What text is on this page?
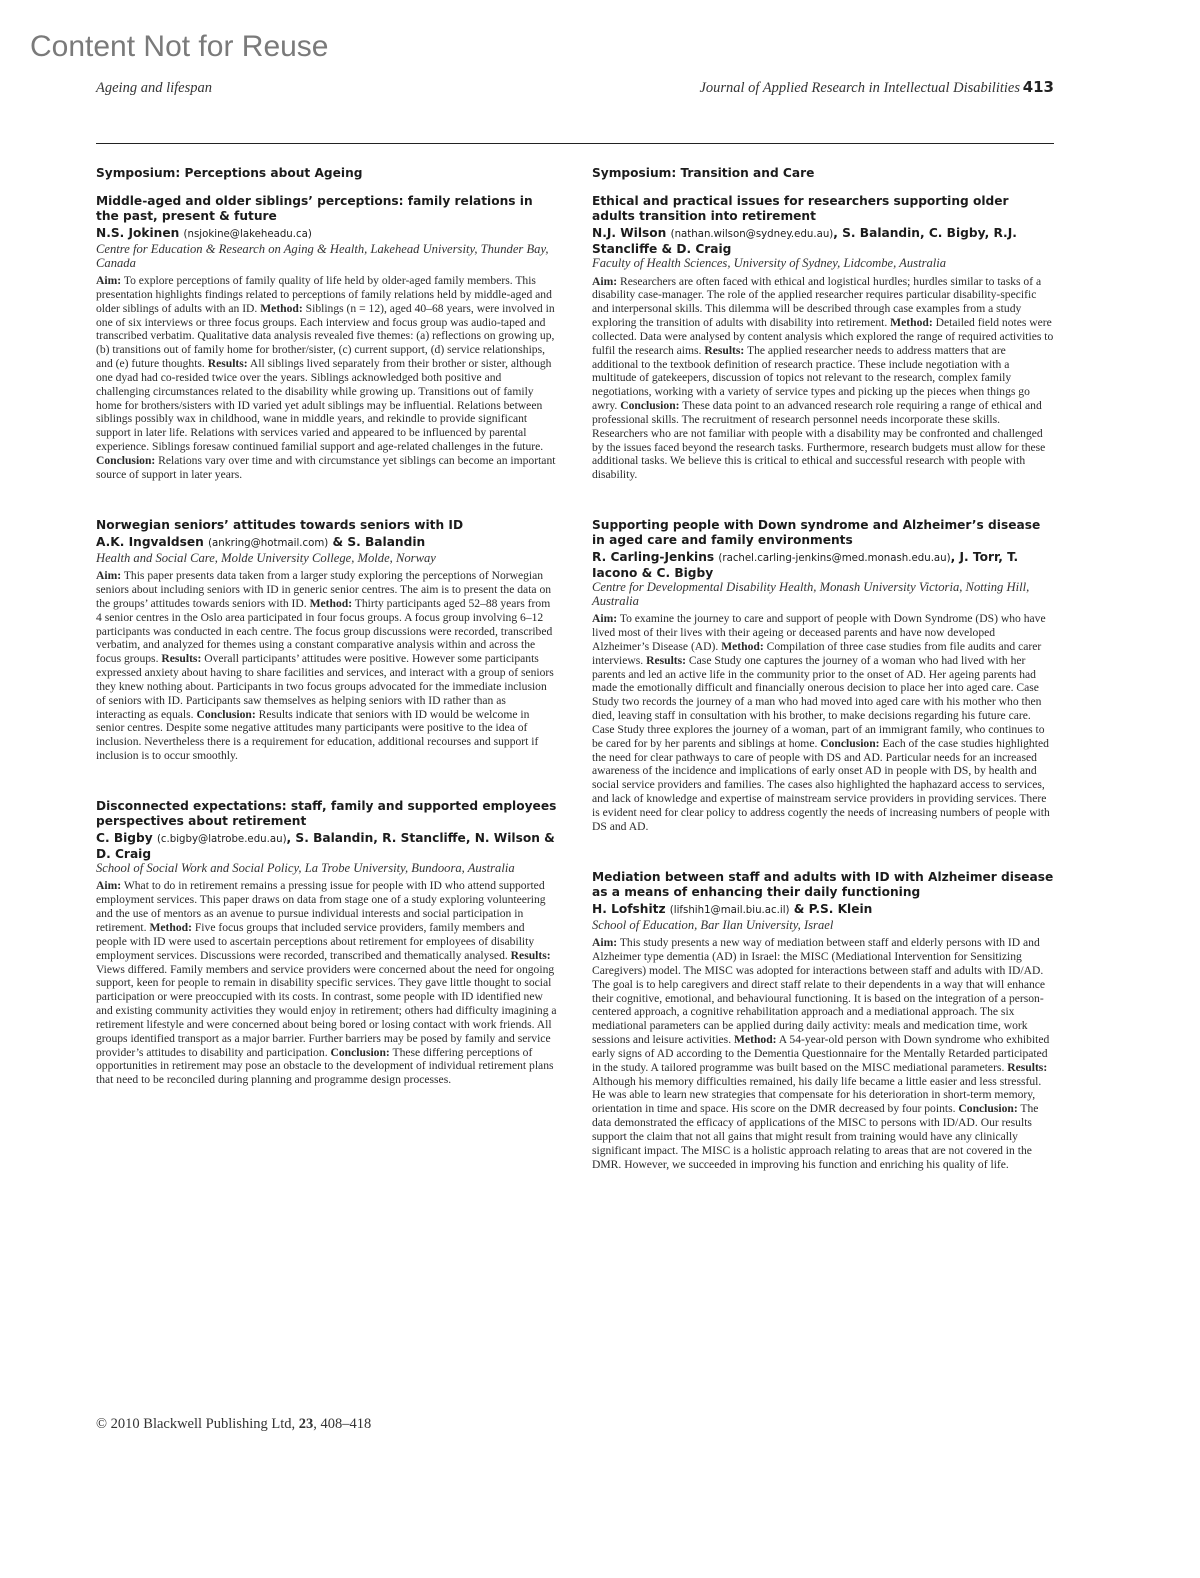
Content Not for Reuse
Ageing and lifespan	Journal of Applied Research in Intellectual Disabilities 413
Symposium: Perceptions about Ageing
Middle-aged and older siblings’ perceptions: family relations in the past, present & future
N.S. Jokinen (nsjokine@lakeheadu.ca)
Centre for Education & Research on Aging & Health, Lakehead University, Thunder Bay, Canada

Aim: To explore perceptions of family quality of life held by older-aged family members. This presentation highlights findings related to perceptions of family relations held by middle-aged and older siblings of adults with an ID. Method: Siblings (n = 12), aged 40–68 years, were involved in one of six interviews or three focus groups. Each interview and focus group was audio-taped and transcribed verbatim. Qualitative data analysis revealed five themes: (a) reflections on growing up, (b) transitions out of family home for brother/sister, (c) current support, (d) service relationships, and (e) future thoughts. Results: All siblings lived separately from their brother or sister, although one dyad had co-resided twice over the years. Siblings acknowledged both positive and challenging circumstances related to the disability while growing up. Transitions out of family home for brothers/sisters with ID varied yet adult siblings may be influential. Relations between siblings possibly wax in childhood, wane in middle years, and rekindle to provide significant support in later life. Relations with services varied and appeared to be influenced by parental experience. Siblings foresaw continued familial support and age-related challenges in the future. Conclusion: Relations vary over time and with circumstance yet siblings can become an important source of support in later years.

Norwegian seniors’ attitudes towards seniors with ID
A.K. Ingvaldsen (ankring@hotmail.com) & S. Balandin
Health and Social Care, Molde University College, Molde, Norway

Aim: This paper presents data taken from a larger study exploring the perceptions of Norwegian seniors about including seniors with ID in generic senior centres. The aim is to present the data on the groups’ attitudes towards seniors with ID. Method: Thirty participants aged 52–88 years from 4 senior centres in the Oslo area participated in four focus groups. A focus group involving 6–12 participants was conducted in each centre. The focus group discussions were recorded, transcribed verbatim, and analyzed for themes using a constant comparative analysis within and across the focus groups. Results: Overall participants’ attitudes were positive. However some participants expressed anxiety about having to share facilities and services, and interact with a group of seniors they knew nothing about. Participants in two focus groups advocated for the immediate inclusion of seniors with ID. Participants saw themselves as helping seniors with ID rather than as interacting as equals. Conclusion: Results indicate that seniors with ID would be welcome in senior centres. Despite some negative attitudes many participants were positive to the idea of inclusion. Nevertheless there is a requirement for education, additional recourses and support if inclusion is to occur smoothly.

Disconnected expectations: staff, family and supported employees perspectives about retirement
C. Bigby (c.bigby@latrobe.edu.au), S. Balandin, R. Stancliffe, N. Wilson & D. Craig
School of Social Work and Social Policy, La Trobe University, Bundoora, Australia

Aim: What to do in retirement remains a pressing issue for people with ID who attend supported employment services. This paper draws on data from stage one of a study exploring volunteering and the use of mentors as an avenue to pursue individual interests and social participation in retirement. Method: Five focus groups that included service providers, family members and people with ID were used to ascertain perceptions about retirement for employees of disability employment services. Discussions were recorded, transcribed and thematically analysed. Results: Views differed. Family members and service providers were concerned about the need for ongoing support, keen for people to remain in disability specific services. They gave little thought to social participation or were preoccupied with its costs. In contrast, some people with ID identified new and existing community activities they would enjoy in retirement; others had difficulty imagining a retirement lifestyle and were concerned about being bored or losing contact with work friends. All groups identified transport as a major barrier. Further barriers may be posed by family and service provider’s attitudes to disability and participation. Conclusion: These differing perceptions of opportunities in retirement may pose an obstacle to the development of individual retirement plans that need to be reconciled during planning and programme design processes.

Symposium: Transition and Care
Ethical and practical issues for researchers supporting older adults transition into retirement
N.J. Wilson (nathan.wilson@sydney.edu.au), S. Balandin, C. Bigby, R.J. Stancliffe & D. Craig
Faculty of Health Sciences, University of Sydney, Lidcombe, Australia

Aim: Researchers are often faced with ethical and logistical hurdles; hurdles similar to tasks of a disability case-manager. The role of the applied researcher requires particular disability-specific and interpersonal skills. This dilemma will be described through case examples from a study exploring the transition of adults with disability into retirement. Method: Detailed field notes were collected. Data were analysed by content analysis which explored the range of required activities to fulfil the research aims. Results: The applied researcher needs to address matters that are additional to the textbook definition of research practice. These include negotiation with a multitude of gatekeepers, discussion of topics not relevant to the research, complex family negotiations, working with a variety of service types and picking up the pieces when things go awry. Conclusion: These data point to an advanced research role requiring a range of ethical and professional skills. The recruitment of research personnel needs incorporate these skills. Researchers who are not familiar with people with a disability may be confronted and challenged by the issues faced beyond the research tasks. Furthermore, research budgets must allow for these additional tasks. We believe this is critical to ethical and successful research with people with disability.

Supporting people with Down syndrome and Alzheimer’s disease in aged care and family environments
R. Carling-Jenkins (rachel.carling-jenkins@med.monash.edu.au), J. Torr, T. Iacono & C. Bigby
Centre for Developmental Disability Health, Monash University Victoria, Notting Hill, Australia

Aim: To examine the journey to care and support of people with Down Syndrome (DS) who have lived most of their lives with their ageing or deceased parents and have now developed Alzheimer’s Disease (AD). Method: Compilation of three case studies from file audits and carer interviews. Results: Case Study one captures the journey of a woman who had lived with her parents and led an active life in the community prior to the onset of AD. Her ageing parents had made the emotionally difficult and financially onerous decision to place her into aged care. Case Study two records the journey of a man who had moved into aged care with his mother who then died, leaving staff in consultation with his brother, to make decisions regarding his future care. Case Study three explores the journey of a woman, part of an immigrant family, who continues to be cared for by her parents and siblings at home. Conclusion: Each of the case studies highlighted the need for clear pathways to care of people with DS and AD. Particular needs for an increased awareness of the incidence and implications of early onset AD in people with DS, by health and social service providers and families. The cases also highlighted the haphazard access to services, and lack of knowledge and expertise of mainstream service providers in providing services. There is evident need for clear policy to address cogently the needs of increasing numbers of people with DS and AD.

Mediation between staff and adults with ID with Alzheimer disease as a means of enhancing their daily functioning
H. Lofshitz (lifshih1@mail.biu.ac.il) & P.S. Klein
School of Education, Bar Ilan University, Israel

Aim: This study presents a new way of mediation between staff and elderly persons with ID and Alzheimer type dementia (AD) in Israel: the MISC (Mediational Intervention for Sensitizing Caregivers) model. The MISC was adopted for interactions between staff and adults with ID/AD. The goal is to help caregivers and direct staff relate to their dependents in a way that will enhance their cognitive, emotional, and behavioural functioning. It is based on the integration of a person-centered approach, a cognitive rehabilitation approach and a mediational approach. The six mediational parameters can be applied during daily activity: meals and medication time, work sessions and leisure activities. Method: A 54-year-old person with Down syndrome who exhibited early signs of AD according to the Dementia Questionnaire for the Mentally Retarded participated in the study. A tailored programme was built based on the MISC mediational parameters. Results: Although his memory difficulties remained, his daily life became a little easier and less stressful. He was able to learn new strategies that compensate for his deterioration in short-term memory, orientation in time and space. His score on the DMR decreased by four points. Conclusion: The data demonstrated the efficacy of applications of the MISC to persons with ID/AD. Our results support the claim that not all gains that might result from training would have any clinically significant impact. The MISC is a holistic approach relating to areas that are not covered in the DMR. However, we succeeded in improving his function and enriching his quality of life.

© 2010 Blackwell Publishing Ltd, 23, 408–418
